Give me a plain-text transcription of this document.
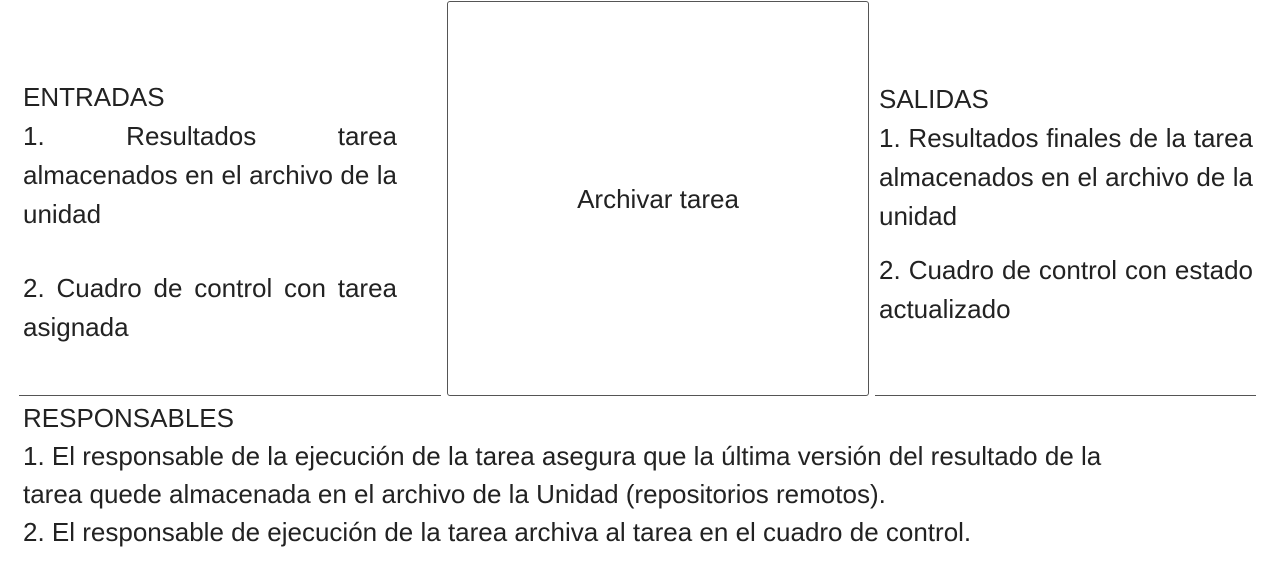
ENTRADAS
1. Resultados tarea almacenados en el archivo de la unidad
2. Cuadro de control con tarea asignada
Archivar tarea
SALIDAS
1. Resultados finales de la tarea almacenados en el archivo de la unidad
2. Cuadro de control con estado actualizado
RESPONSABLES
1. El responsable de la ejecución de la tarea asegura que la última versión del resultado de la
tarea quede almacenada en el archivo de la Unidad (repositorios remotos).
2. El responsable de ejecución de la tarea archiva al tarea en el cuadro de control.
